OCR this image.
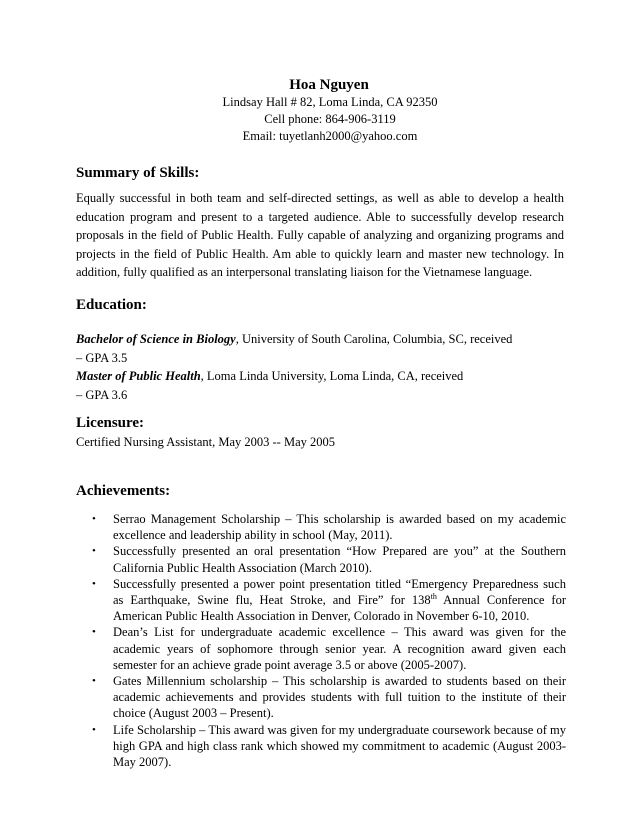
Hoa Nguyen
Lindsay Hall # 82, Loma Linda, CA 92350
Cell phone: 864-906-3119
Email: tuyetlanh2000@yahoo.com
Summary of Skills:
Equally successful in both team and self-directed settings, as well as able to develop a health education program and present to a targeted audience. Able to successfully develop research proposals in the field of Public Health. Fully capable of analyzing and organizing programs and projects in the field of Public Health. Am able to quickly learn and master new technology. In addition, fully qualified as an interpersonal translating liaison for the Vietnamese language.
Education:
Bachelor of Science in Biology, University of South Carolina, Columbia, SC, received
– GPA 3.5
Master of Public Health, Loma Linda University, Loma Linda, CA, received
– GPA 3.6
Licensure:
Certified Nursing Assistant, May 2003 -- May 2005
Achievements:
• Serrao Management Scholarship – This scholarship is awarded based on my academic excellence and leadership ability in school (May, 2011).
• Successfully presented an oral presentation “How Prepared are you” at the Southern California Public Health Association (March 2010).
• Successfully presented a power point presentation titled “Emergency Preparedness such as Earthquake, Swine flu, Heat Stroke, and Fire” for 138th Annual Conference for American Public Health Association in Denver, Colorado in November 6-10, 2010.
• Dean’s List for undergraduate academic excellence – This award was given for the academic years of sophomore through senior year. A recognition award given each semester for an achieve grade point average 3.5 or above (2005-2007).
• Gates Millennium scholarship – This scholarship is awarded to students based on their academic achievements and provides students with full tuition to the institute of their choice (August 2003 – Present).
• Life Scholarship – This award was given for my undergraduate coursework because of my high GPA and high class rank which showed my commitment to academic (August 2003-May 2007).
